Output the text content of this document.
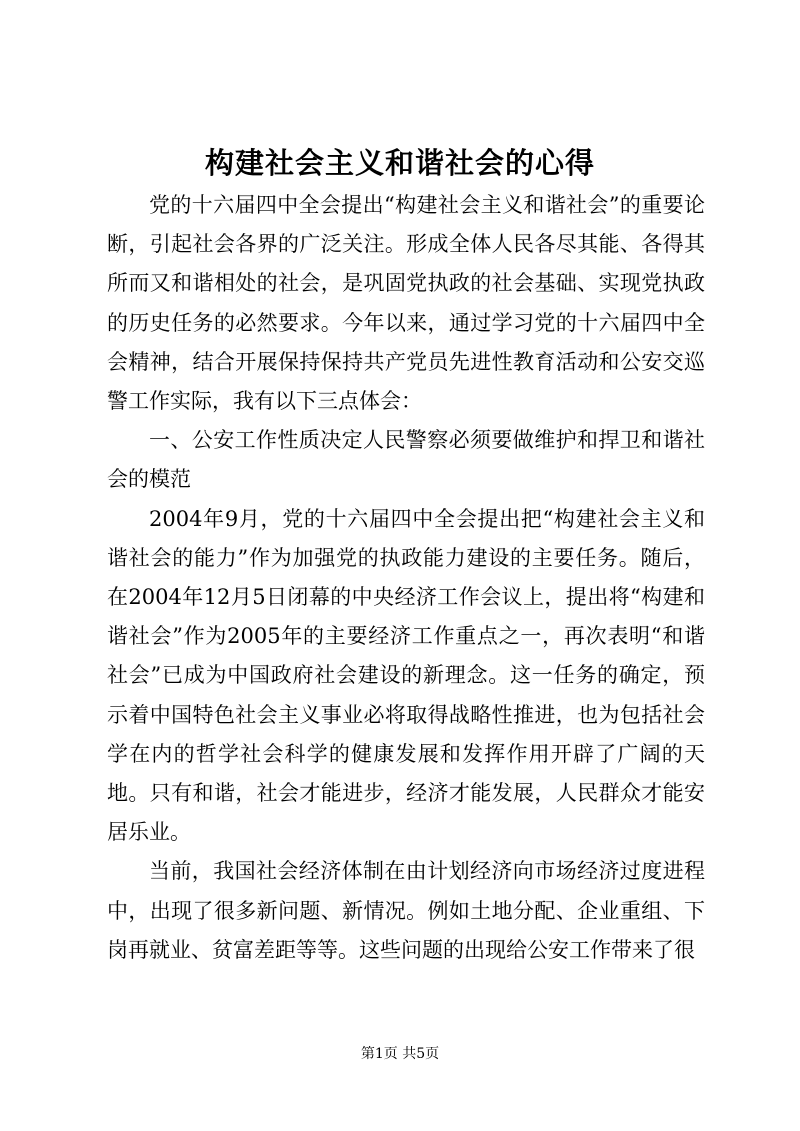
构建社会主义和谐社会的心得

党的十六届四中全会提出“构建社会主义和谐社会”的重要论断，引起社会各界的广泛关注。形成全体人民各尽其能、各得其所而又和谐相处的社会，是巩固党执政的社会基础、实现党执政的历史任务的必然要求。今年以来，通过学习党的十六届四中全会精神，结合开展保持保持共产党员先进性教育活动和公安交巡警工作实际，我有以下三点体会：

一、公安工作性质决定人民警察必须要做维护和捍卫和谐社会的模范

2004年9月，党的十六届四中全会提出把“构建社会主义和谐社会的能力”作为加强党的执政能力建设的主要任务。随后，在2004年12月5日闭幕的中央经济工作会议上，提出将“构建和谐社会”作为2005年的主要经济工作重点之一，再次表明“和谐社会”已成为中国政府社会建设的新理念。这一任务的确定，预示着中国特色社会主义事业必将取得战略性推进，也为包括社会学在内的哲学社会科学的健康发展和发挥作用开辟了广阔的天地。只有和谐，社会才能进步，经济才能发展，人民群众才能安居乐业。

当前，我国社会经济体制在由计划经济向市场经济过度进程中，出现了很多新问题、新情况。例如土地分配、企业重组、下岗再就业、贫富差距等等。这些问题的出现给公安工作带来了很

第1页 共5页
